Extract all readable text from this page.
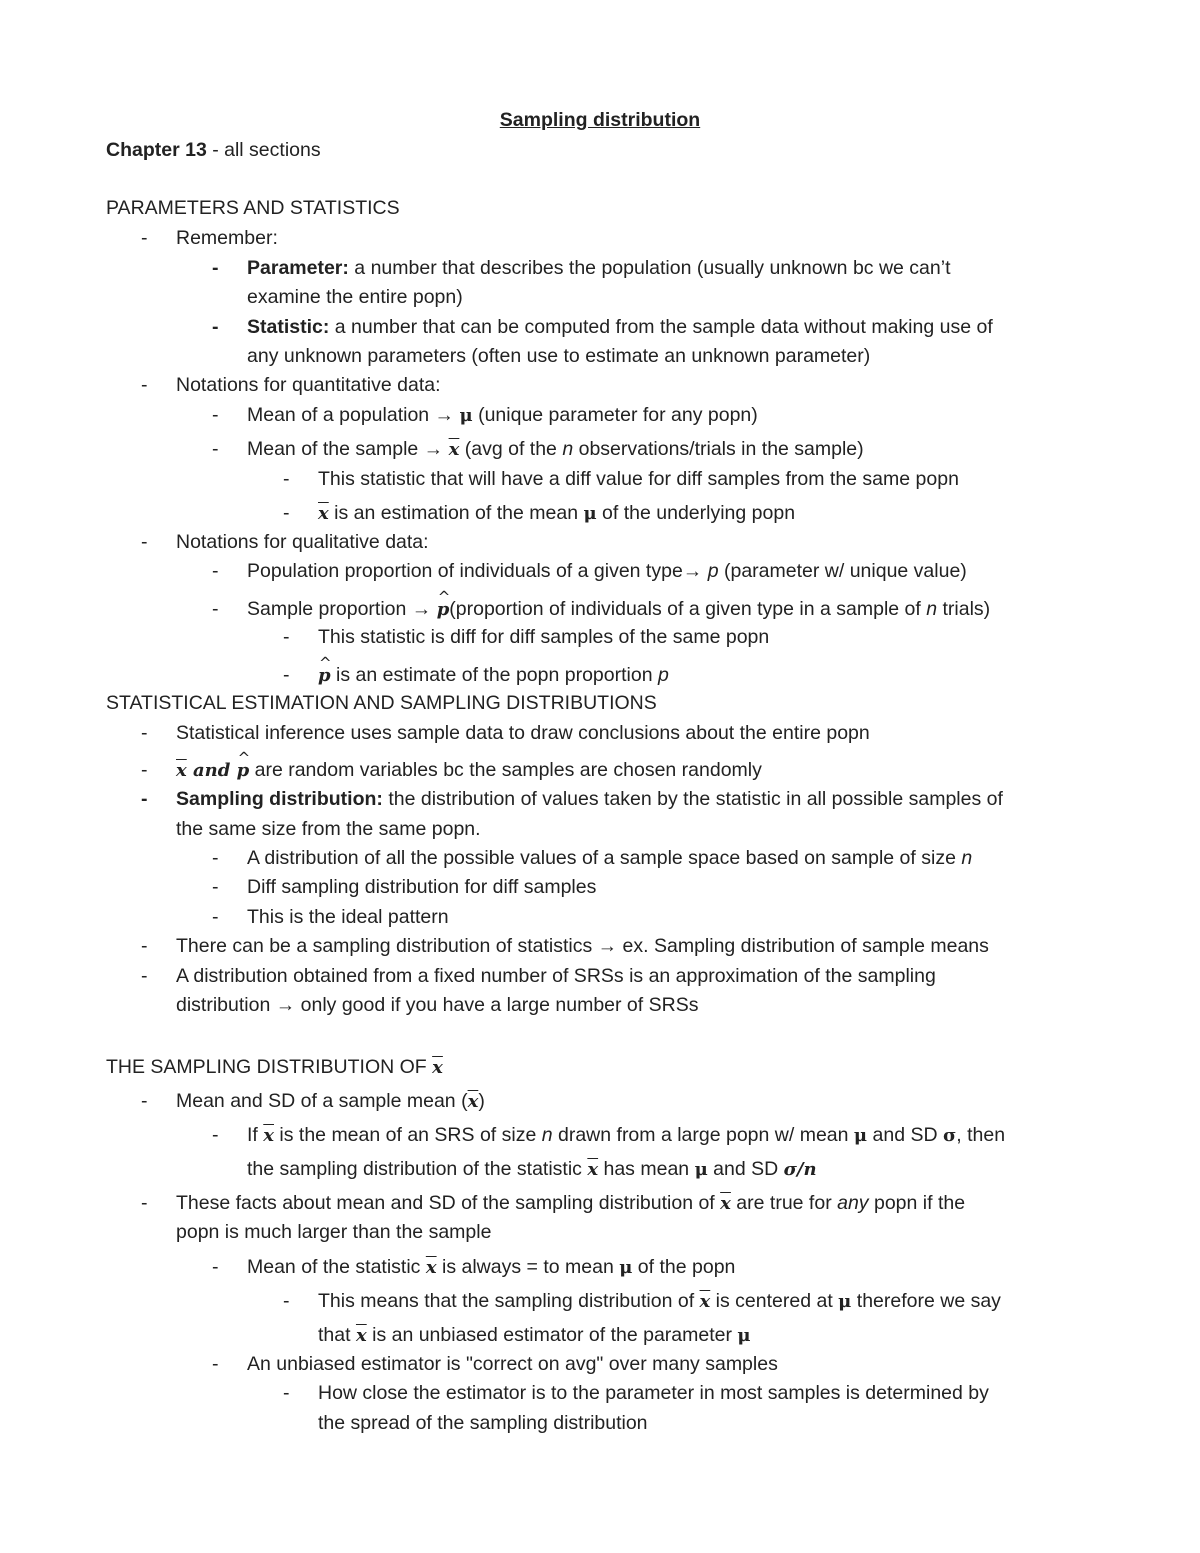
Sampling distribution
Chapter 13 - all sections
PARAMETERS AND STATISTICS
- Remember:
- Parameter: a number that describes the population (usually unknown bc we can’t
examine the entire popn)
- Statistic: a number that can be computed from the sample data without making use of
any unknown parameters (often use to estimate an unknown parameter)
- Notations for quantitative data:
- Mean of a population → μ (unique parameter for any popn)
- Mean of the sample → $\overline{x}$ (avg of the n observations/trials in the sample)
- This statistic that will have a diff value for diff samples from the same popn
- $\overline{x}$ is an estimation of the mean μ of the underlying popn
- Notations for qualitative data:
- Population proportion of individuals of a given type→ p (parameter w/ unique value)
- Sample proportion → ^ p(proportion of individuals of a given type in a sample of n trials)
- This statistic is diff for diff samples of the same popn
- ^ p is an estimate of the popn proportion p
STATISTICAL ESTIMATION AND SAMPLING DISTRIBUTIONS
- Statistical inference uses sample data to draw conclusions about the entire popn
- $\overline{x}$ and ^ p are random variables bc the samples are chosen randomly
- Sampling distribution: the distribution of values taken by the statistic in all possible samples of
the same size from the same popn.
- A distribution of all the possible values of a sample space based on sample of size n
- Diff sampling distribution for diff samples
- This is the ideal pattern
- There can be a sampling distribution of statistics → ex. Sampling distribution of sample means
- A distribution obtained from a fixed number of SRSs is an approximation of the sampling
distribution → only good if you have a large number of SRSs
THE SAMPLING DISTRIBUTION OF $\overline{x}$
- Mean and SD of a sample mean $(\overline{x})$
- If $\overline{x}$ is the mean of an SRS of size n drawn from a large popn w/ mean μ and SD σ, then
the sampling distribution of the statistic $\overline{x}$ has mean μ and SD σ/n
- These facts about mean and SD of the sampling distribution of $\overline{x}$ are true for any popn if the
popn is much larger than the sample
- Mean of the statistic $\overline{x}$ is always = to mean μ of the popn
- This means that the sampling distribution of $\overline{x}$ is centered at μ therefore we say
that $\overline{x}$ is an unbiased estimator of the parameter μ
- An unbiased estimator is "correct on avg" over many samples
- How close the estimator is to the parameter in most samples is determined by
the spread of the sampling distribution
